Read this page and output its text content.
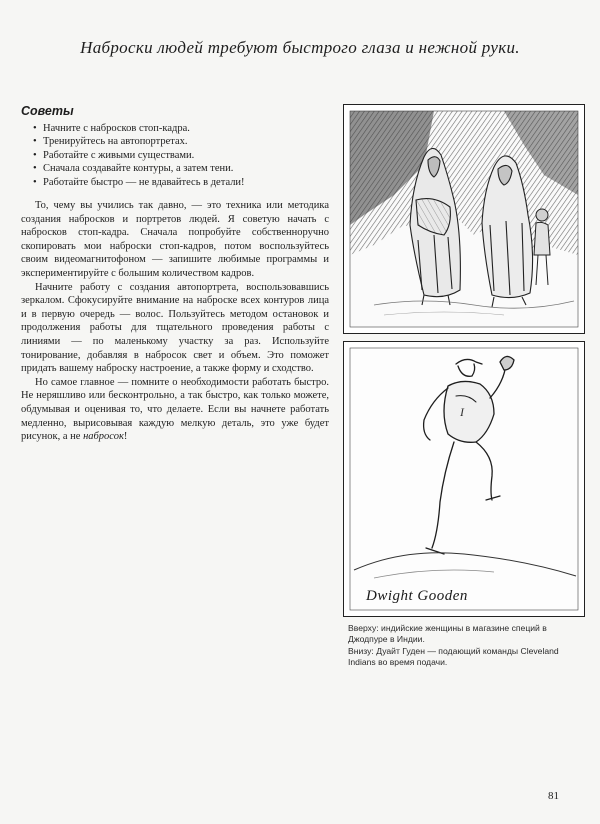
Наброски людей требуют быстрого глаза и нежной руки.
Советы
• Начните с набросков стоп-кадра.
• Тренируйтесь на автопортретах.
• Работайте с живыми существами.
• Сначала создавайте контуры, а затем тени.
• Работайте быстро — не вдавайтесь в детали!

То, чему вы учились так давно, — это техника или методика создания набросков и портретов людей. Я советую начать с набросков стоп-кадра. Сначала попробуйте собственноручно скопировать мои наброски стоп-кадров, потом воспользуйтесь своим видеомагнитофоном — запишите любимые программы и экспериментируйте с большим количеством кадров.

Начните работу с создания автопортрета, воспользовавшись зеркалом. Сфокусируйте внимание на наброске всех контуров лица и в первую очередь — волос. Пользуйтесь методом остановок и продолжения работы для тщательного проведения работы с линиями — по маленькому участку за раз. Используйте тонирование, добавляя в набросок свет и объем. Это поможет придать вашему наброску настроение, а также форму и сходство.

Но самое главное — помните о необходимости работать быстро. Не неряшливо или бесконтрольно, а так быстро, как только можете, обдумывая и оценивая то, что делаете. Если вы начнете работать медленно, вырисовывая каждую мелкую деталь, это уже будет рисунок, а не набросок!

I
Dwight Gooden

Вверху: индийские женщины в магазине специй в Джодпуре в Индии.

Внизу: Дуайт Гуден — подающий команды Cleveland Indians во время подачи.

81
